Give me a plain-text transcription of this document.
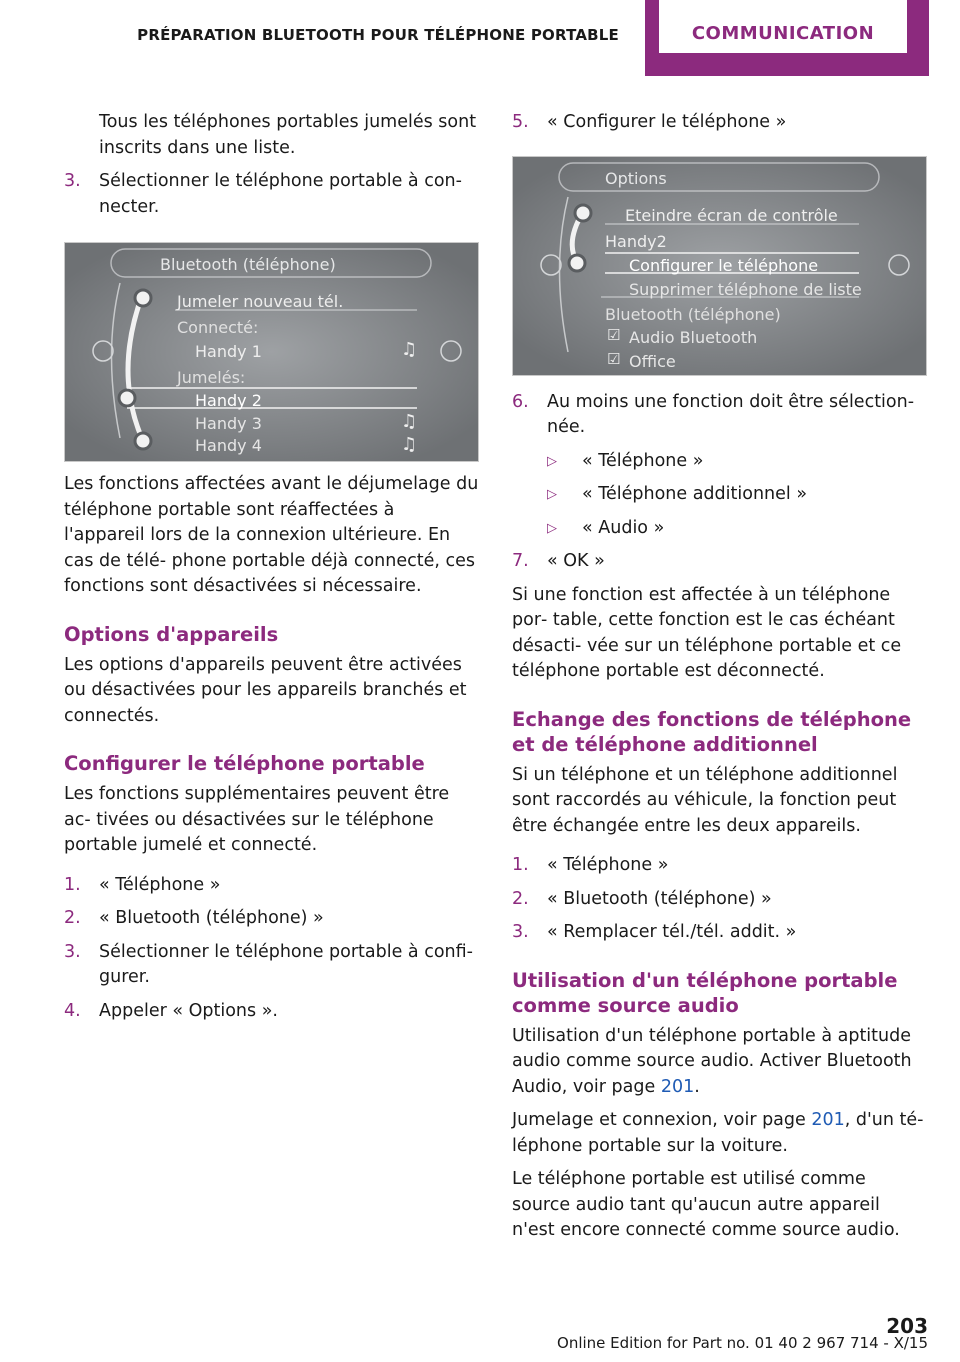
PRÉPARATION BLUETOOTH POUR TÉLÉPHONE PORTABLE	COMMUNICATION

Tous les téléphones portables jumelés sont inscrits dans une liste.

3. Sélectionner le téléphone portable à con‐ necter.
Bluetooth (téléphone)
Jumeler nouveau tél.
Connecté:
Handy 1
Jumelés:
Handy 2
Handy 3
Handy 4
♫
♫
♫

Les fonctions affectées avant le déjumelage du téléphone portable sont réaffectées à l'appareil lors de la connexion ultérieure. En cas de télé‐ phone portable déjà connecté, ces fonctions sont désactivées si nécessaire.

Options d'appareils

Les options d'appareils peuvent être activées ou désactivées pour les appareils branchés et connectés.

Configurer le téléphone portable

Les fonctions supplémentaires peuvent être ac‐ tivées ou désactivées sur le téléphone portable jumelé et connecté.

1. « Téléphone »
2. « Bluetooth (téléphone) »
3. Sélectionner le téléphone portable à confi‐ gurer.
4. Appeler « Options ».
5. « Configurer le téléphone »
Options
Eteindre écran de contrôle
Handy2
Configurer le téléphone
Supprimer téléphone de liste
Bluetooth (téléphone)
☑ Audio Bluetooth
☑ Office
6. Au moins une fonction doit être sélection‐ née.
▷ « Téléphone »
▷ « Téléphone additionnel »
▷ « Audio »
7. « OK »

Si une fonction est affectée à un téléphone por‐ table, cette fonction est le cas échéant désacti‐ vée sur un téléphone portable et ce téléphone portable est déconnecté.

Echange des fonctions de téléphone et de téléphone additionnel

Si un téléphone et un téléphone additionnel sont raccordés au véhicule, la fonction peut être échangée entre les deux appareils.

1. « Téléphone »
2. « Bluetooth (téléphone) »
3. « Remplacer tél./tél. addit. »
Utilisation d'un téléphone portable comme source audio

Utilisation d'un téléphone portable à aptitude audio comme source audio. Activer Bluetooth Audio, voir page 201.

Jumelage et connexion, voir page 201, d'un té‐ léphone portable sur la voiture.

Le téléphone portable est utilisé comme source audio tant qu'aucun autre appareil n'est encore connecté comme source audio.

203
Online Edition for Part no. 01 40 2 967 714 - X/15
